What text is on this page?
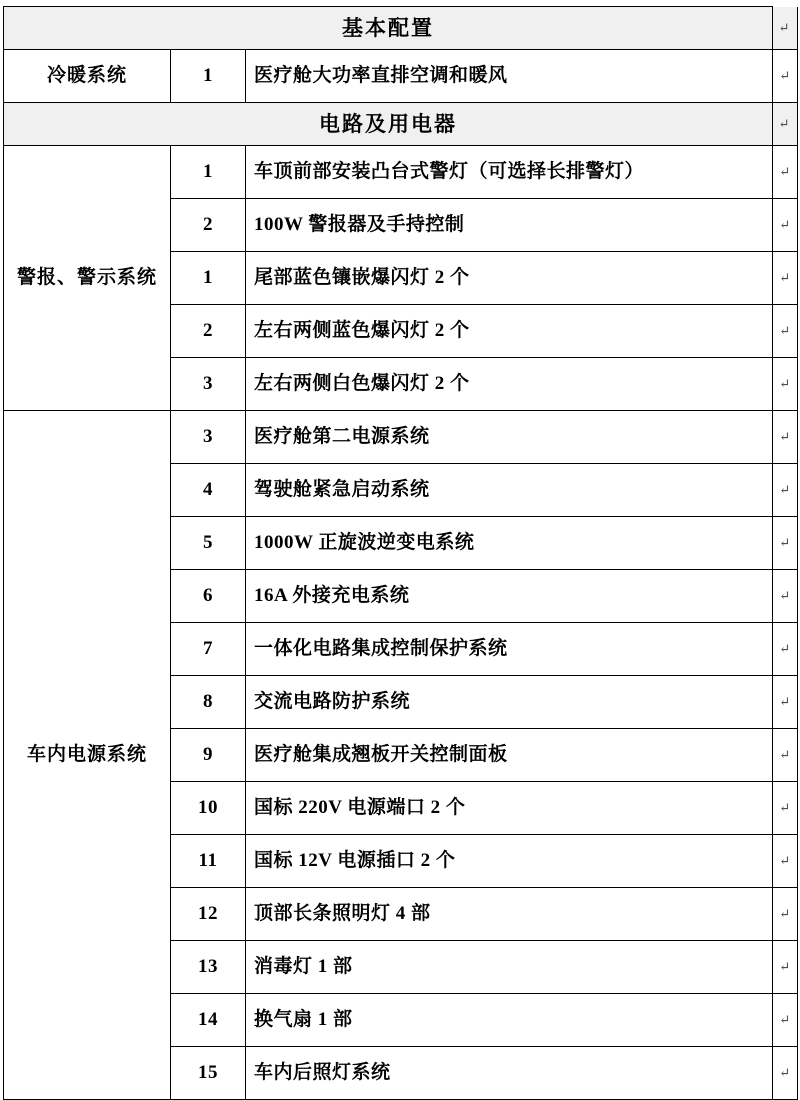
基本配置			↵

冷暖系统	1	医疗舱大功率直排空调和暖风	↵

电路及用电器			↵

警报、警示系统	1	车顶前部安装凸台式警灯（可选择长排警灯）	↵

	2	100W 警报器及手持控制	↵

	1	尾部蓝色镶嵌爆闪灯 2 个	↵

	2	左右两侧蓝色爆闪灯 2 个	↵

	3	左右两侧白色爆闪灯 2 个	↵

车内电源系统	3	医疗舱第二电源系统	↵

	4	驾驶舱紧急启动系统	↵

	5	1000W 正旋波逆变电系统	↵

	6	16A 外接充电系统	↵

	7	一体化电路集成控制保护系统	↵

	8	交流电路防护系统	↵

	9	医疗舱集成翘板开关控制面板	↵

	10	国标 220V 电源端口 2 个	↵

	11	国标 12V 电源插口 2 个	↵

	12	顶部长条照明灯 4 部	↵

	13	消毒灯 1 部	↵

	14	换气扇 1 部	↵

	15	车内后照灯系统	↵
